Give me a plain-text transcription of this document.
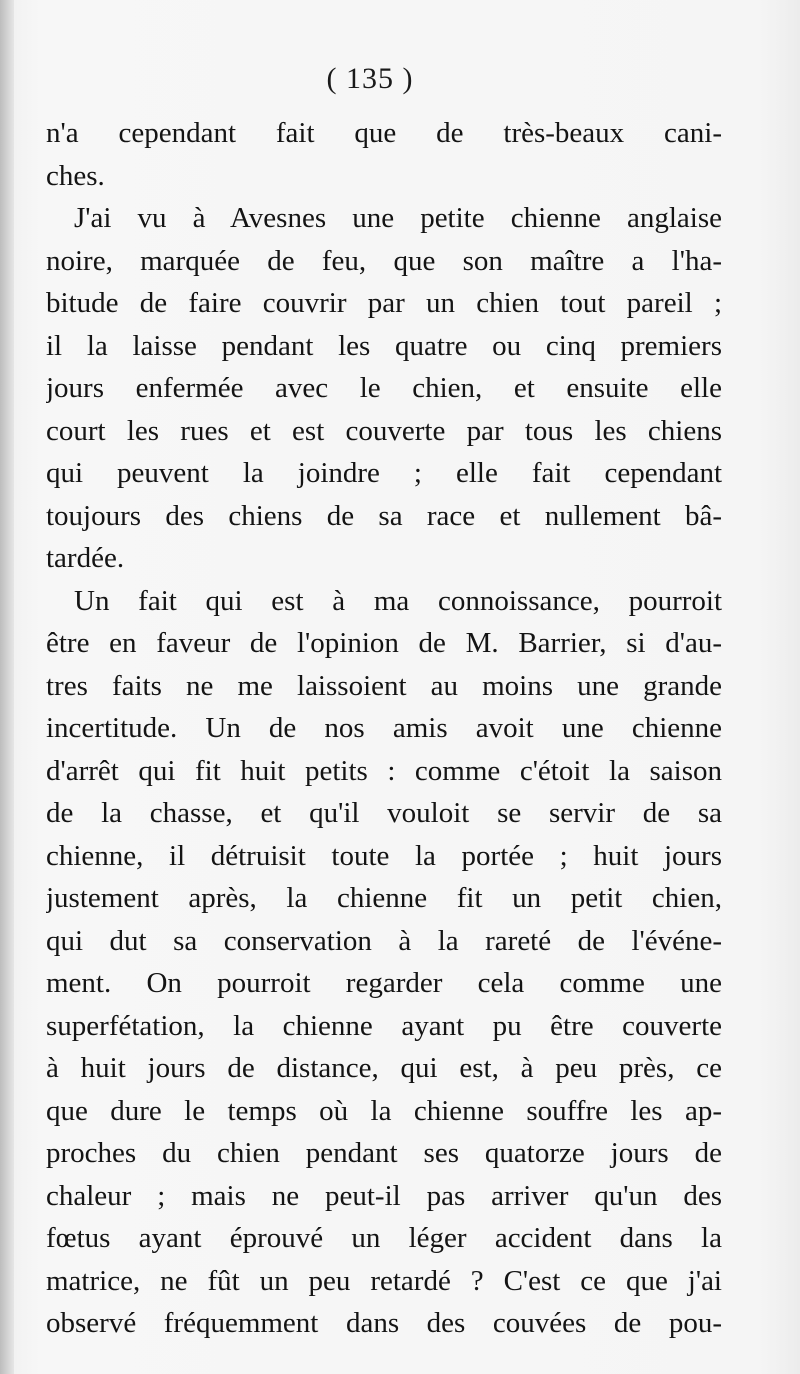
( 135 )
n'a cependant fait que de très-beaux cani-
ches.
J'ai vu à Avesnes une petite chienne anglaise
noire, marquée de feu, que son maître a l'ha-
bitude de faire couvrir par un chien tout pareil ;
il la laisse pendant les quatre ou cinq premiers
jours enfermée avec le chien, et ensuite elle
court les rues et est couverte par tous les chiens
qui peuvent la joindre ; elle fait cependant
toujours des chiens de sa race et nullement bâ-
tardée.
Un fait qui est à ma connoissance, pourroit
être en faveur de l'opinion de M. Barrier, si d'au-
tres faits ne me laissoient au moins une grande
incertitude. Un de nos amis avoit une chienne
d'arrêt qui fit huit petits : comme c'étoit la saison
de la chasse, et qu'il vouloit se servir de sa
chienne, il détruisit toute la portée ; huit jours
justement après, la chienne fit un petit chien,
qui dut sa conservation à la rareté de l'événe-
ment. On pourroit regarder cela comme une
superfétation, la chienne ayant pu être couverte
à huit jours de distance, qui est, à peu près, ce
que dure le temps où la chienne souffre les ap-
proches du chien pendant ses quatorze jours de
chaleur ; mais ne peut-il pas arriver qu'un des
fœtus ayant éprouvé un léger accident dans la
matrice, ne fût un peu retardé ? C'est ce que j'ai
observé fréquemment dans des couvées de pou-
